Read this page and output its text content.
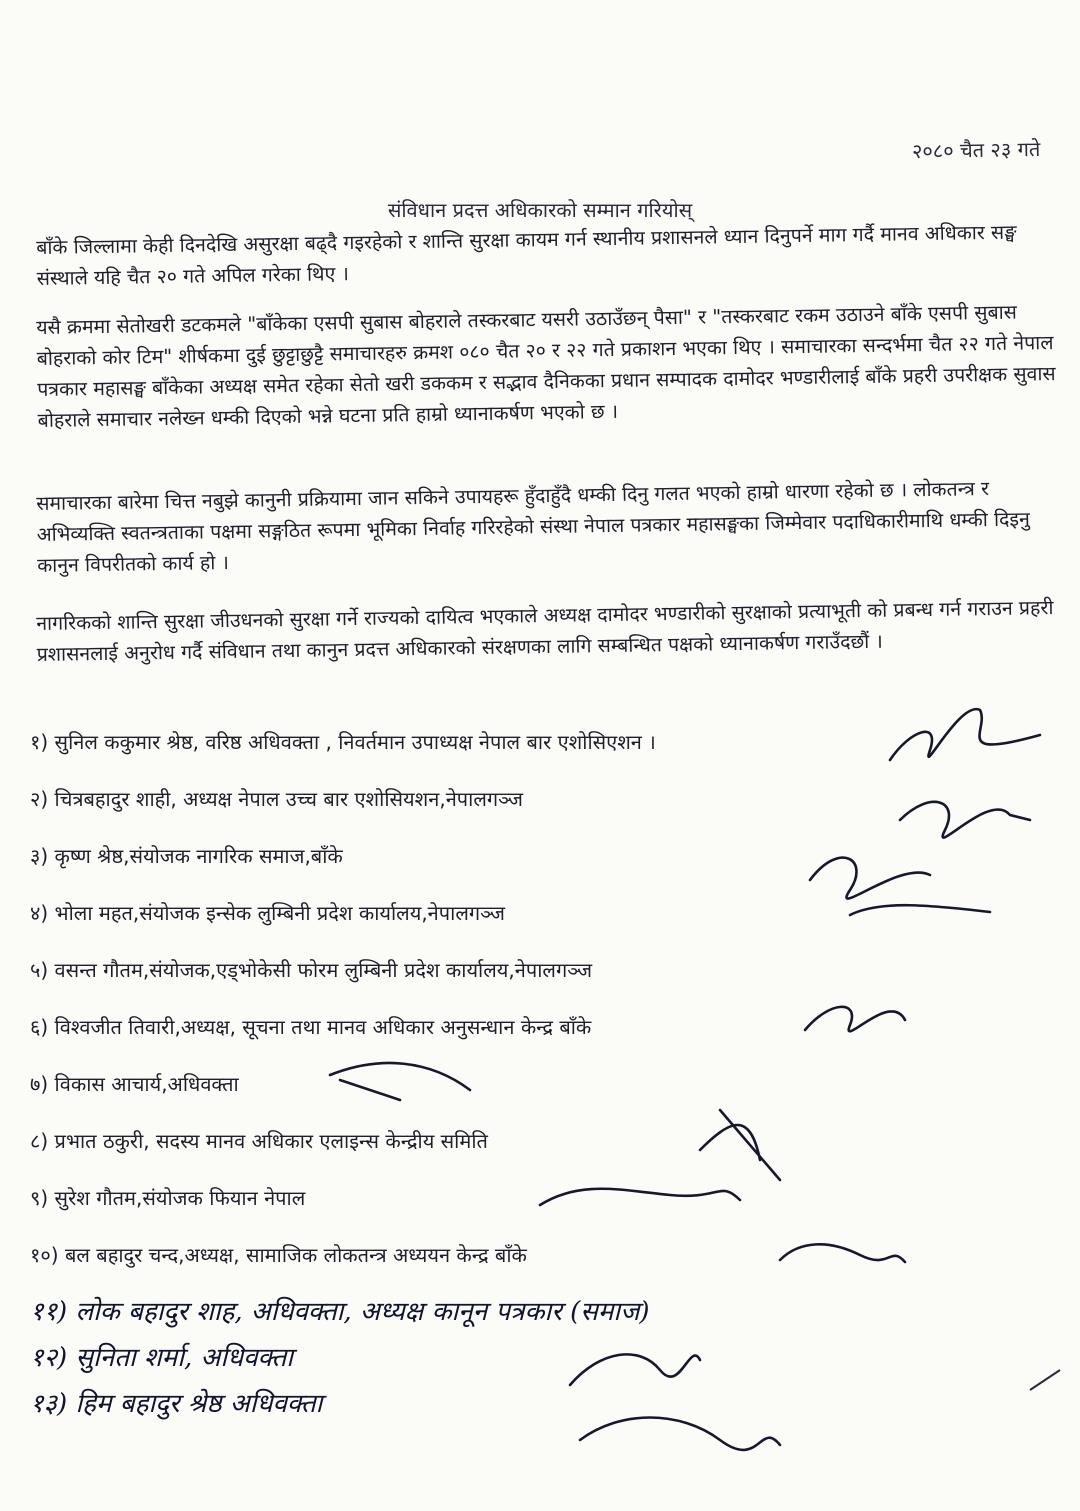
२०८० चैत २३ गते
संविधान प्रदत्त अधिकारको सम्मान गरियोस्

बाँके जिल्लामा केही दिनदेखि असुरक्षा बढ्दै गइरहेको र शान्ति सुरक्षा कायम गर्न स्थानीय प्रशासनले ध्यान दिनुपर्ने माग गर्दै मानव अधिकार सङ्घ संस्थाले यहि चैत २० गते अपिल गरेका थिए ।

यसै क्रममा सेतोखरी डटकमले "बाँकेका एसपी सुबास बोहराले तस्करबाट यसरी उठाउँछन् पैसा" र "तस्करबाट रकम उठाउने बाँके एसपी सुबास बोहराको कोर टिम" शीर्षकमा दुई छुट्टाछुट्टै समाचारहरु क्रमश ०८० चैत २० र २२ गते प्रकाशन भएका थिए । समाचारका सन्दर्भमा चैत २२ गते नेपाल पत्रकार महासङ्घ बाँकेका अध्यक्ष समेत रहेका सेतो खरी डककम र सद्भाव दैनिकका प्रधान सम्पादक दामोदर भण्डारीलाई बाँके प्रहरी उपरीक्षक सुवास बोहराले समाचार नलेख्न धम्की दिएको भन्ने घटना प्रति हाम्रो ध्यानाकर्षण भएको छ ।

समाचारका बारेमा चित्त नबुझे कानुनी प्रक्रियामा जान सकिने उपायहरू हुँदाहुँदै धम्की दिनु गलत भएको हाम्रो धारणा रहेको छ । लोकतन्त्र र अभिव्यक्ति स्वतन्त्रताका पक्षमा सङ्गठित रूपमा भूमिका निर्वाह गरिरहेको संस्था नेपाल पत्रकार महासङ्घका जिम्मेवार पदाधिकारीमाथि धम्की दिइनु कानुन विपरीतको कार्य हो ।

नागरिकको शान्ति सुरक्षा जीउधनको सुरक्षा गर्ने राज्यको दायित्व भएकाले अध्यक्ष दामोदर भण्डारीको सुरक्षाको प्रत्याभूती को प्रबन्ध गर्न गराउन प्रहरी प्रशासनलाई अनुरोध गर्दै संविधान तथा कानुन प्रदत्त अधिकारको संरक्षणका लागि सम्बन्धित पक्षको ध्यानाकर्षण गराउँदछौं ।

१) सुनिल ककुमार श्रेष्ठ, वरिष्ठ अधिवक्ता , निवर्तमान उपाध्यक्ष नेपाल बार एशोसिएशन ।
२) चित्रबहादुर शाही, अध्यक्ष नेपाल उच्च बार एशोसियशन,नेपालगञ्ज
३) कृष्ण श्रेष्ठ,संयोजक नागरिक समाज,बाँके
४) भोला महत,संयोजक इन्सेक लुम्बिनी प्रदेश कार्यालय,नेपालगञ्ज
५) वसन्त गौतम,संयोजक,एड्भोकेसी फोरम लुम्बिनी प्रदेश कार्यालय,नेपालगञ्ज
६) विश्वजीत तिवारी,अध्यक्ष, सूचना तथा मानव अधिकार अनुसन्धान केन्द्र बाँके
७) विकास आचार्य,अधिवक्ता
८) प्रभात ठकुरी, सदस्य मानव अधिकार एलाइन्स केन्द्रीय समिति
९) सुरेश गौतम,संयोजक फियान नेपाल
१०) बल बहादुर चन्द,अध्यक्ष, सामाजिक लोकतन्त्र अध्ययन केन्द्र बाँके
११) लोक बहादुर शाह, अधिवक्ता, अध्यक्ष कानून पत्रकार (समाज)
१२) सुनिता शर्मा, अधिवक्ता
१३) हिम बहादुर श्रेष्ठ अधिवक्ता
